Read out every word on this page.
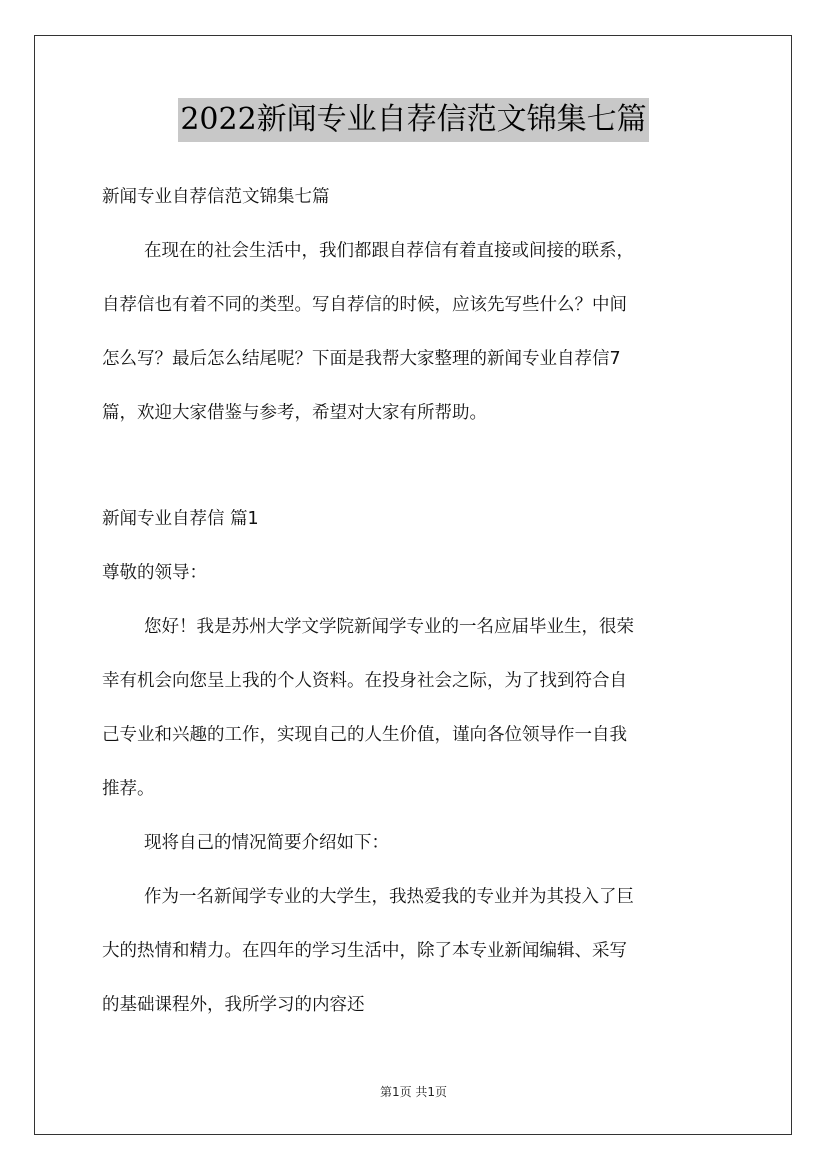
2022新闻专业自荐信范文锦集七篇
新闻专业自荐信范文锦集七篇
在现在的社会生活中，我们都跟自荐信有着直接或间接的联系，
自荐信也有着不同的类型。写自荐信的时候，应该先写些什么？中间
怎么写？最后怎么结尾呢？下面是我帮大家整理的新闻专业自荐信7
篇，欢迎大家借鉴与参考，希望对大家有所帮助。
新闻专业自荐信 篇1
尊敬的领导：
您好！我是苏州大学文学院新闻学专业的一名应届毕业生，很荣
幸有机会向您呈上我的个人资料。在投身社会之际，为了找到符合自
己专业和兴趣的工作，实现自己的人生价值，谨向各位领导作一自我
推荐。
现将自己的情况简要介绍如下：
作为一名新闻学专业的大学生，我热爱我的专业并为其投入了巨
大的热情和精力。在四年的学习生活中，除了本专业新闻编辑、采写
的基础课程外，我所学习的内容还
第1页 共1页
